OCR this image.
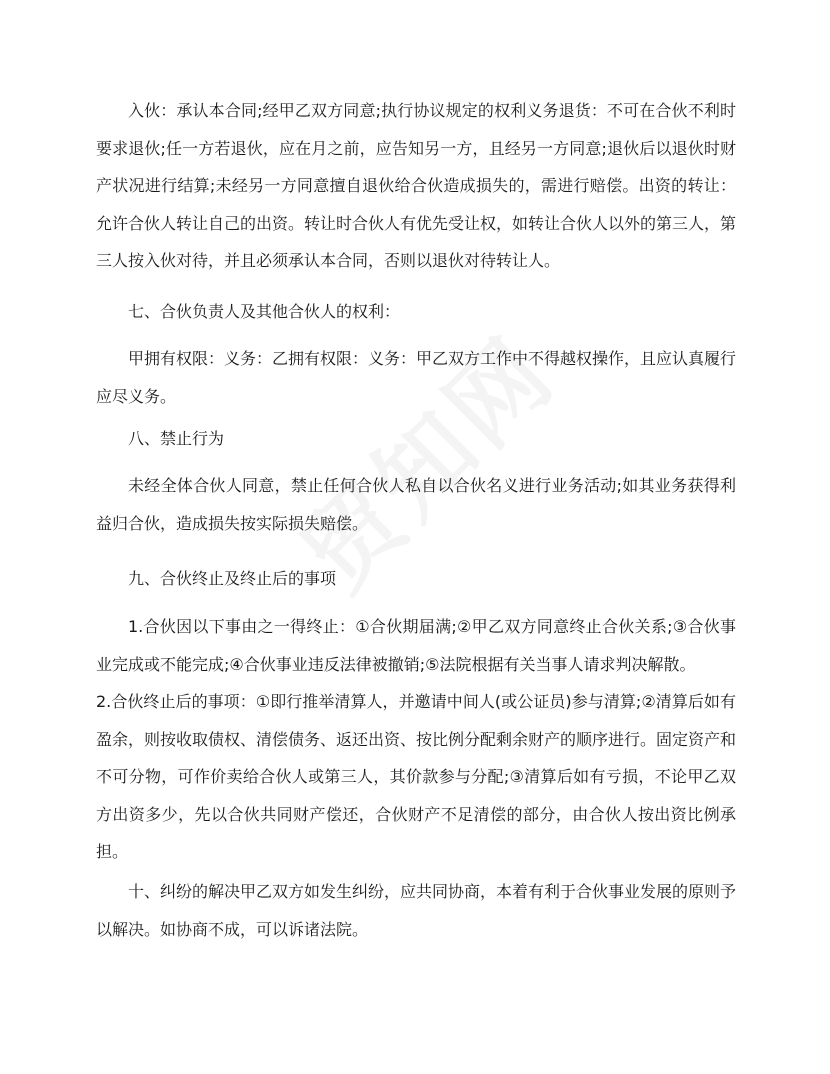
入伙：承认本合同;经甲乙双方同意;执行协议规定的权利义务退货：不可在合伙不利时要求退伙;任一方若退伙，应在月之前，应告知另一方，且经另一方同意;退伙后以退伙时财产状况进行结算;未经另一方同意擅自退伙给合伙造成损失的，需进行赔偿。出资的转让：允许合伙人转让自己的出资。转让时合伙人有优先受让权，如转让合伙人以外的第三人，第三人按入伙对待，并且必须承认本合同，否则以退伙对待转让人。

七、合伙负责人及其他合伙人的权利：

甲拥有权限：义务：乙拥有权限：义务：甲乙双方工作中不得越权操作，且应认真履行应尽义务。

八、禁止行为

未经全体合伙人同意，禁止任何合伙人私自以合伙名义进行业务活动;如其业务获得利益归合伙，造成损失按实际损失赔偿。

九、合伙终止及终止后的事项

1.合伙因以下事由之一得终止：①合伙期届满;②甲乙双方同意终止合伙关系;③合伙事业完成或不能完成;④合伙事业违反法律被撤销;⑤法院根据有关当事人请求判决解散。

2.合伙终止后的事项：①即行推举清算人，并邀请中间人(或公证员)参与清算;②清算后如有盈余，则按收取债权、清偿债务、返还出资、按比例分配剩余财产的顺序进行。固定资产和不可分物，可作价卖给合伙人或第三人，其价款参与分配;③清算后如有亏损，不论甲乙双方出资多少，先以合伙共同财产偿还，合伙财产不足清偿的部分，由合伙人按出资比例承担。

十、纠纷的解决甲乙双方如发生纠纷，应共同协商，本着有利于合伙事业发展的原则予以解决。如协商不成，可以诉诸法院。
